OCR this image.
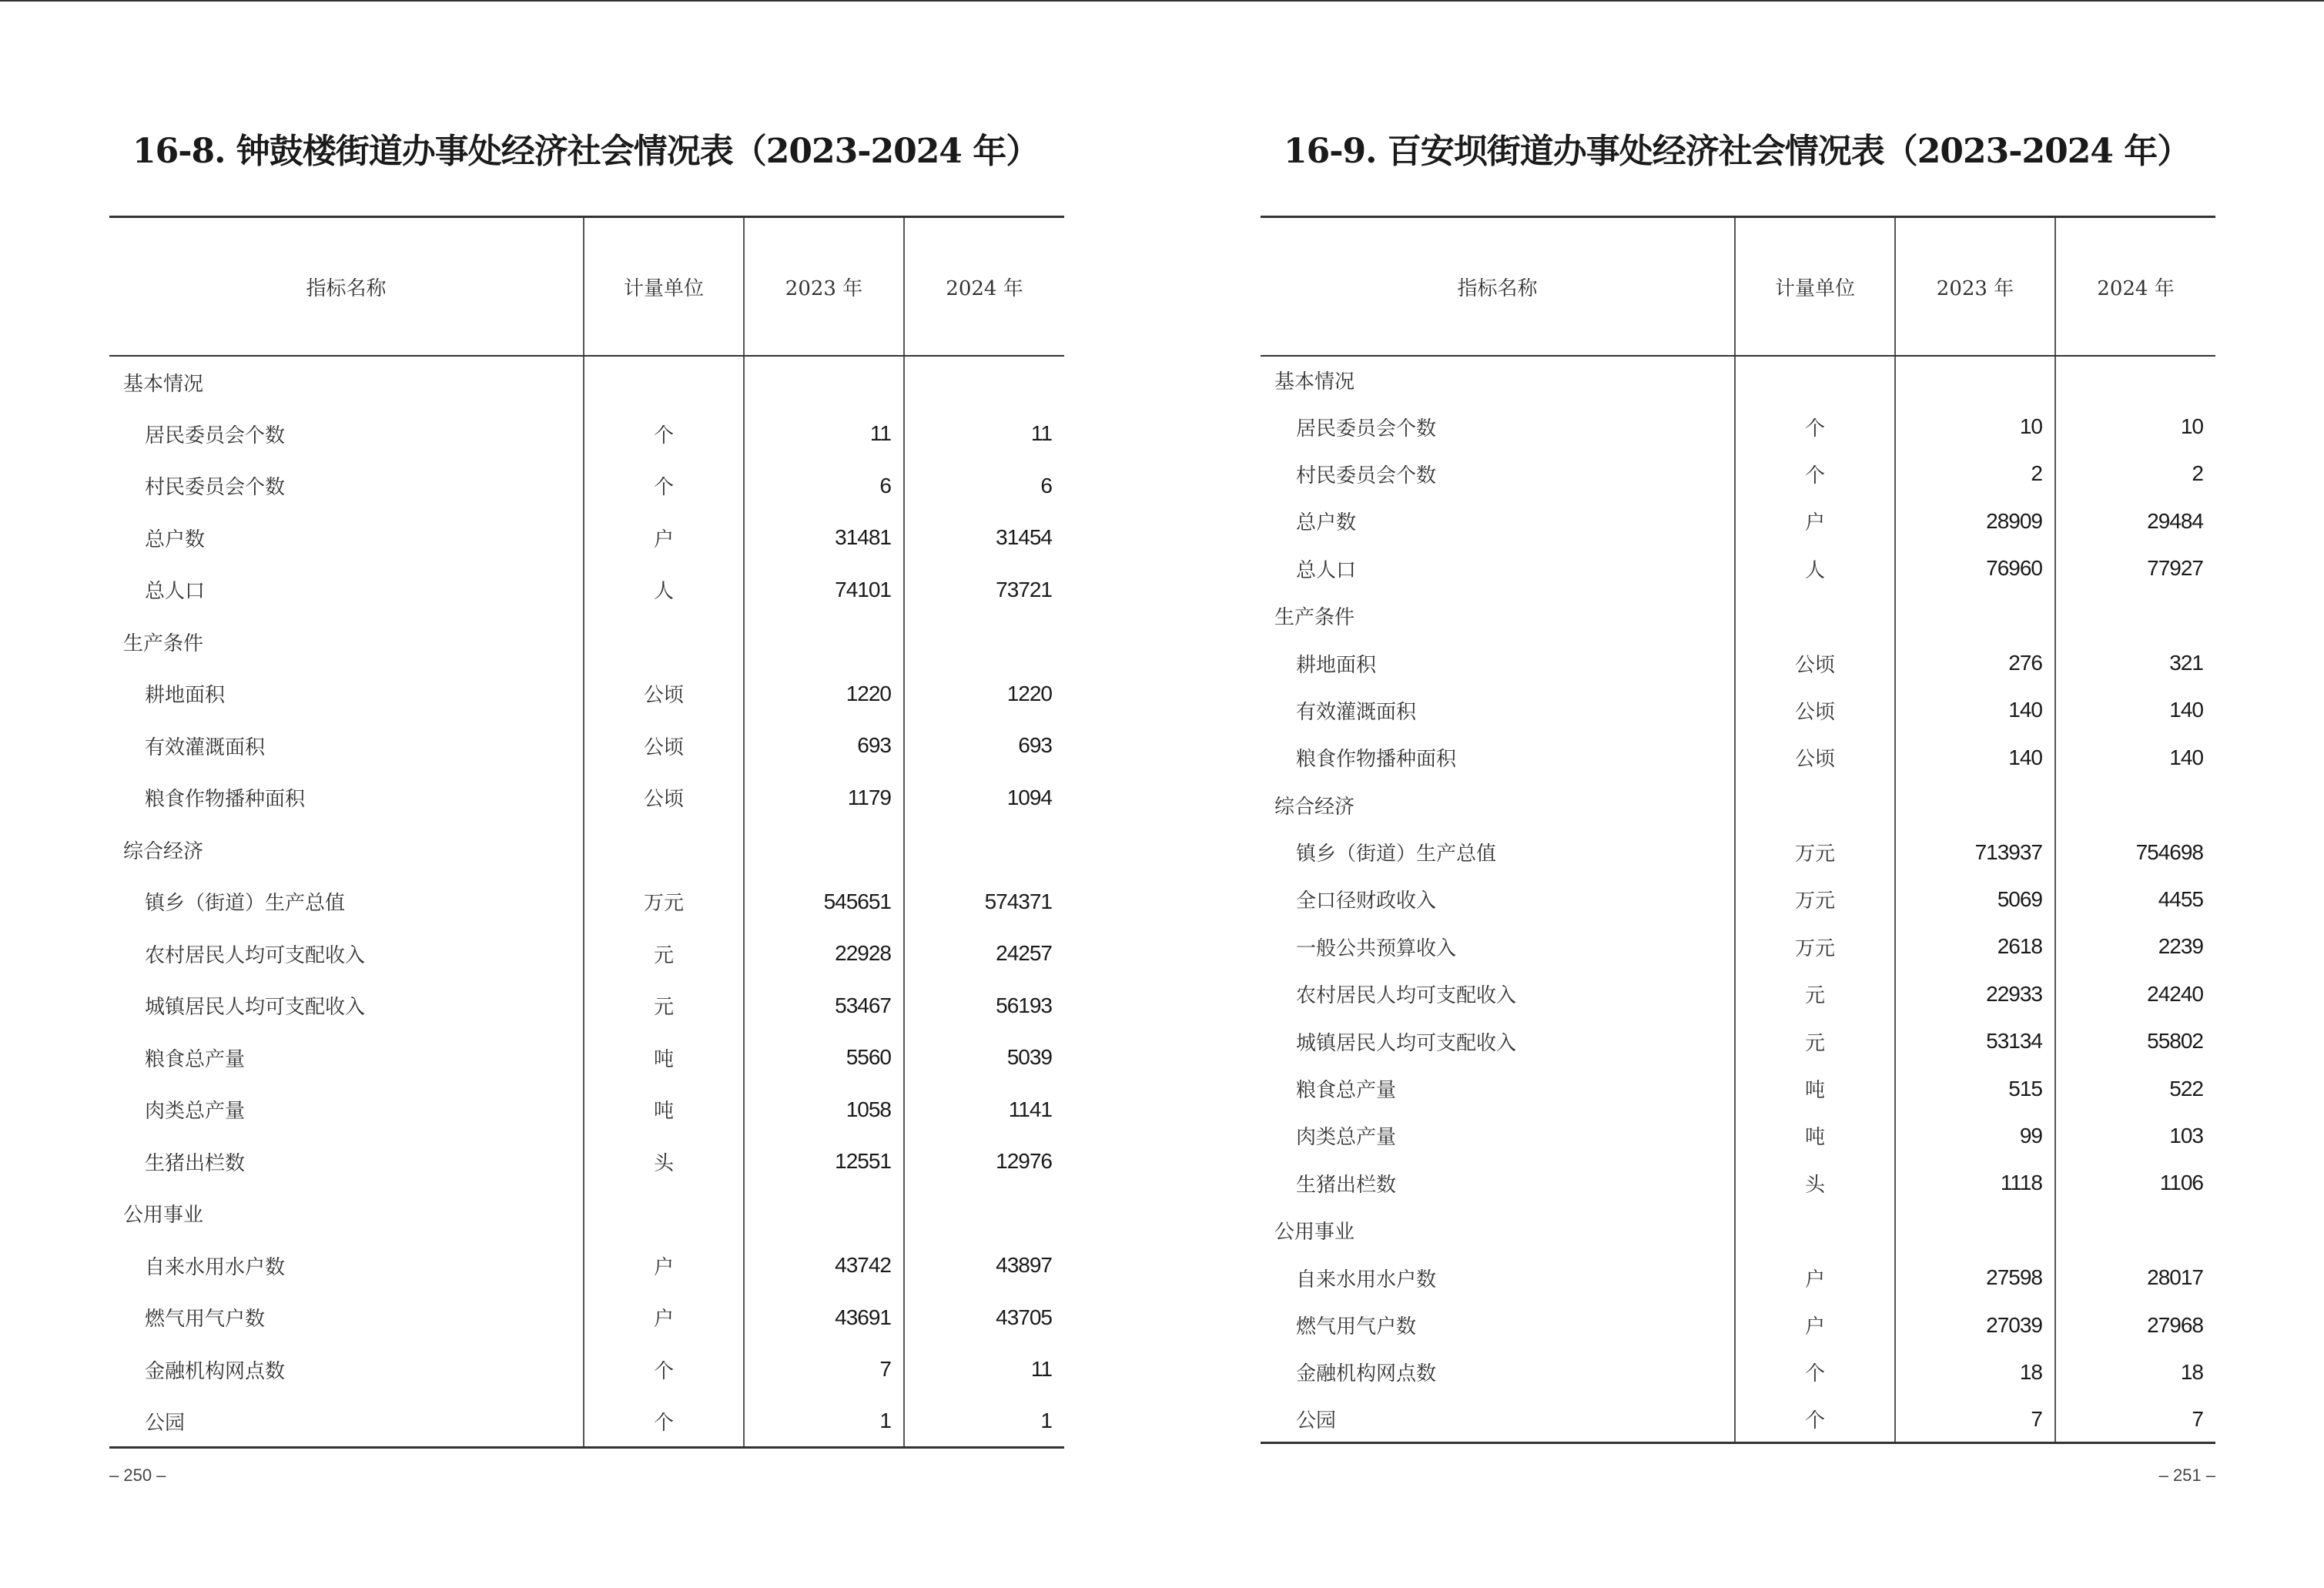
16-8. 钟鼓楼街道办事处经济社会情况表（2023-2024 年）
指标名称	计量单位	2023 年	2024 年
基本情况			
居民委员会个数	个	11	11
村民委员会个数	个	6	6
总户数	户	31481	31454
总人口	人	74101	73721
生产条件			
耕地面积	公顷	1220	1220
有效灌溉面积	公顷	693	693
粮食作物播种面积	公顷	1179	1094
综合经济			
镇乡（街道）生产总值	万元	545651	574371
农村居民人均可支配收入	元	22928	24257
城镇居民人均可支配收入	元	53467	56193
粮食总产量	吨	5560	5039
肉类总产量	吨	1058	1141
生猪出栏数	头	12551	12976
公用事业			
自来水用水户数	户	43742	43897
燃气用气户数	户	43691	43705
金融机构网点数	个	7	11
公园	个	1	1
– 250 –
16-9. 百安坝街道办事处经济社会情况表（2023-2024 年）
指标名称	计量单位	2023 年	2024 年
基本情况			
居民委员会个数	个	10	10
村民委员会个数	个	2	2
总户数	户	28909	29484
总人口	人	76960	77927
生产条件			
耕地面积	公顷	276	321
有效灌溉面积	公顷	140	140
粮食作物播种面积	公顷	140	140
综合经济			
镇乡（街道）生产总值	万元	713937	754698
全口径财政收入	万元	5069	4455
一般公共预算收入	万元	2618	2239
农村居民人均可支配收入	元	22933	24240
城镇居民人均可支配收入	元	53134	55802
粮食总产量	吨	515	522
肉类总产量	吨	99	103
生猪出栏数	头	1118	1106
公用事业			
自来水用水户数	户	27598	28017
燃气用气户数	户	27039	27968
金融机构网点数	个	18	18
公园	个	7	7
– 251 –
